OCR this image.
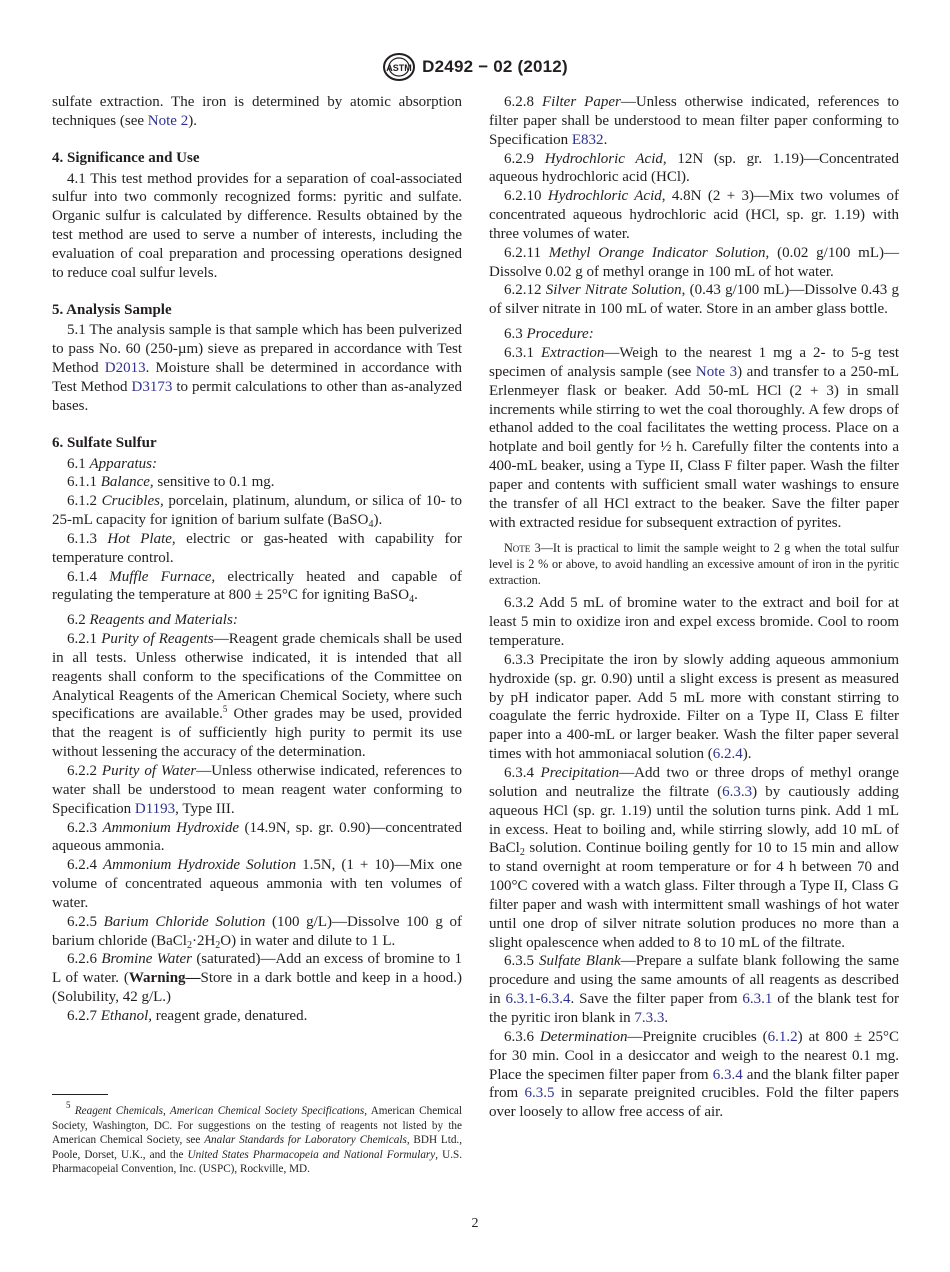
ASTM D2492 − 02 (2012)

sulfate extraction. The iron is determined by atomic absorption techniques (see Note 2).

4. Significance and Use

4.1 This test method provides for a separation of coal-associated sulfur into two commonly recognized forms: pyritic and sulfate. Organic sulfur is calculated by difference. Results obtained by the test method are used to serve a number of interests, including the evaluation of coal preparation and processing operations designed to reduce coal sulfur levels.

5. Analysis Sample

5.1 The analysis sample is that sample which has been pulverized to pass No. 60 (250-µm) sieve as prepared in accordance with Test Method D2013. Moisture shall be determined in accordance with Test Method D3173 to permit calculations to other than as-analyzed bases.

6. Sulfate Sulfur

6.1 Apparatus:

6.1.1 Balance, sensitive to 0.1 mg.

6.1.2 Crucibles, porcelain, platinum, alundum, or silica of 10- to 25-mL capacity for ignition of barium sulfate (BaSO$_4$).

6.1.3 Hot Plate, electric or gas-heated with capability for temperature control.

6.1.4 Muffle Furnace, electrically heated and capable of regulating the temperature at 800 ± 25°C for igniting BaSO$_4$.

6.2 Reagents and Materials:

6.2.1 Purity of Reagents—Reagent grade chemicals shall be used in all tests. Unless otherwise indicated, it is intended that all reagents shall conform to the specifications of the Committee on Analytical Reagents of the American Chemical Society, where such specifications are available.$^5$ Other grades may be used, provided that the reagent is of sufficiently high purity to permit its use without lessening the accuracy of the determination.

6.2.2 Purity of Water—Unless otherwise indicated, references to water shall be understood to mean reagent water conforming to Specification D1193, Type III.

6.2.3 Ammonium Hydroxide (14.9N, sp. gr. 0.90)—concentrated aqueous ammonia.

6.2.4 Ammonium Hydroxide Solution 1.5N, (1 + 10)—Mix one volume of concentrated aqueous ammonia with ten volumes of water.

6.2.5 Barium Chloride Solution (100 g/L)—Dissolve 100 g of barium chloride $(BaCl_2\cdot 2H_2O)$ in water and dilute to 1 L.

6.2.6 Bromine Water (saturated)—Add an excess of bromine to 1 L of water. (Warning—Store in a dark bottle and keep in a hood.) (Solubility, 42 g/L.)

6.2.7 Ethanol, reagent grade, denatured.

$^5$ Reagent Chemicals, American Chemical Society Specifications, American Chemical Society, Washington, DC. For suggestions on the testing of reagents not listed by the American Chemical Society, see Analar Standards for Laboratory Chemicals, BDH Ltd., Poole, Dorset, U.K., and the United States Pharmacopeia and National Formulary, U.S. Pharmacopeial Convention, Inc. (USPC), Rockville, MD.

6.2.8 Filter Paper—Unless otherwise indicated, references to filter paper shall be understood to mean filter paper conforming to Specification E832.

6.2.9 Hydrochloric Acid, 12N (sp. gr. 1.19)—Concentrated aqueous hydrochloric acid (HCl).

6.2.10 Hydrochloric Acid, 4.8N (2 + 3)—Mix two volumes of concentrated aqueous hydrochloric acid (HCl, sp. gr. 1.19) with three volumes of water.

6.2.11 Methyl Orange Indicator Solution, (0.02 g/100 mL)—Dissolve 0.02 g of methyl orange in 100 mL of hot water.

6.2.12 Silver Nitrate Solution, (0.43 g/100 mL)—Dissolve 0.43 g of silver nitrate in 100 mL of water. Store in an amber glass bottle.

6.3 Procedure:

6.3.1 Extraction—Weigh to the nearest 1 mg a 2- to 5-g test specimen of analysis sample (see Note 3) and transfer to a 250-mL Erlenmeyer flask or beaker. Add 50-mL HCl (2 + 3) in small increments while stirring to wet the coal thoroughly. A few drops of ethanol added to the coal facilitates the wetting process. Place on a hotplate and boil gently for ½ h. Carefully filter the contents into a 400-mL beaker, using a Type II, Class F filter paper. Wash the filter paper and contents with sufficient small water washings to ensure the transfer of all HCl extract to the beaker. Save the filter paper with extracted residue for subsequent extraction of pyrites.

Note 3—It is practical to limit the sample weight to 2 g when the total sulfur level is 2 % or above, to avoid handling an excessive amount of iron in the pyritic extraction.

6.3.2 Add 5 mL of bromine water to the extract and boil for at least 5 min to oxidize iron and expel excess bromide. Cool to room temperature.

6.3.3 Precipitate the iron by slowly adding aqueous ammonium hydroxide (sp. gr. 0.90) until a slight excess is present as measured by pH indicator paper. Add 5 mL more with constant stirring to coagulate the ferric hydroxide. Filter on a Type II, Class E filter paper into a 400-mL or larger beaker. Wash the filter paper several times with hot ammoniacal solution (6.2.4).

6.3.4 Precipitation—Add two or three drops of methyl orange solution and neutralize the filtrate (6.3.3) by cautiously adding aqueous HCl (sp. gr. 1.19) until the solution turns pink. Add 1 mL in excess. Heat to boiling and, while stirring slowly, add 10 mL of BaCl$_2$ solution. Continue boiling gently for 10 to 15 min and allow to stand overnight at room temperature or for 4 h between 70 and 100°C covered with a watch glass. Filter through a Type II, Class G filter paper and wash with intermittent small washings of hot water until one drop of silver nitrate solution produces no more than a slight opalescence when added to 8 to 10 mL of the filtrate.

6.3.5 Sulfate Blank—Prepare a sulfate blank following the same procedure and using the same amounts of all reagents as described in 6.3.1-6.3.4. Save the filter paper from 6.3.1 of the blank test for the pyritic iron blank in 7.3.3.

6.3.6 Determination—Preignite crucibles (6.1.2) at 800 ± 25°C for 30 min. Cool in a desiccator and weigh to the nearest 0.1 mg. Place the specimen filter paper from 6.3.4 and the blank filter paper from 6.3.5 in separate preignited crucibles. Fold the filter papers over loosely to allow free access of air.

2
